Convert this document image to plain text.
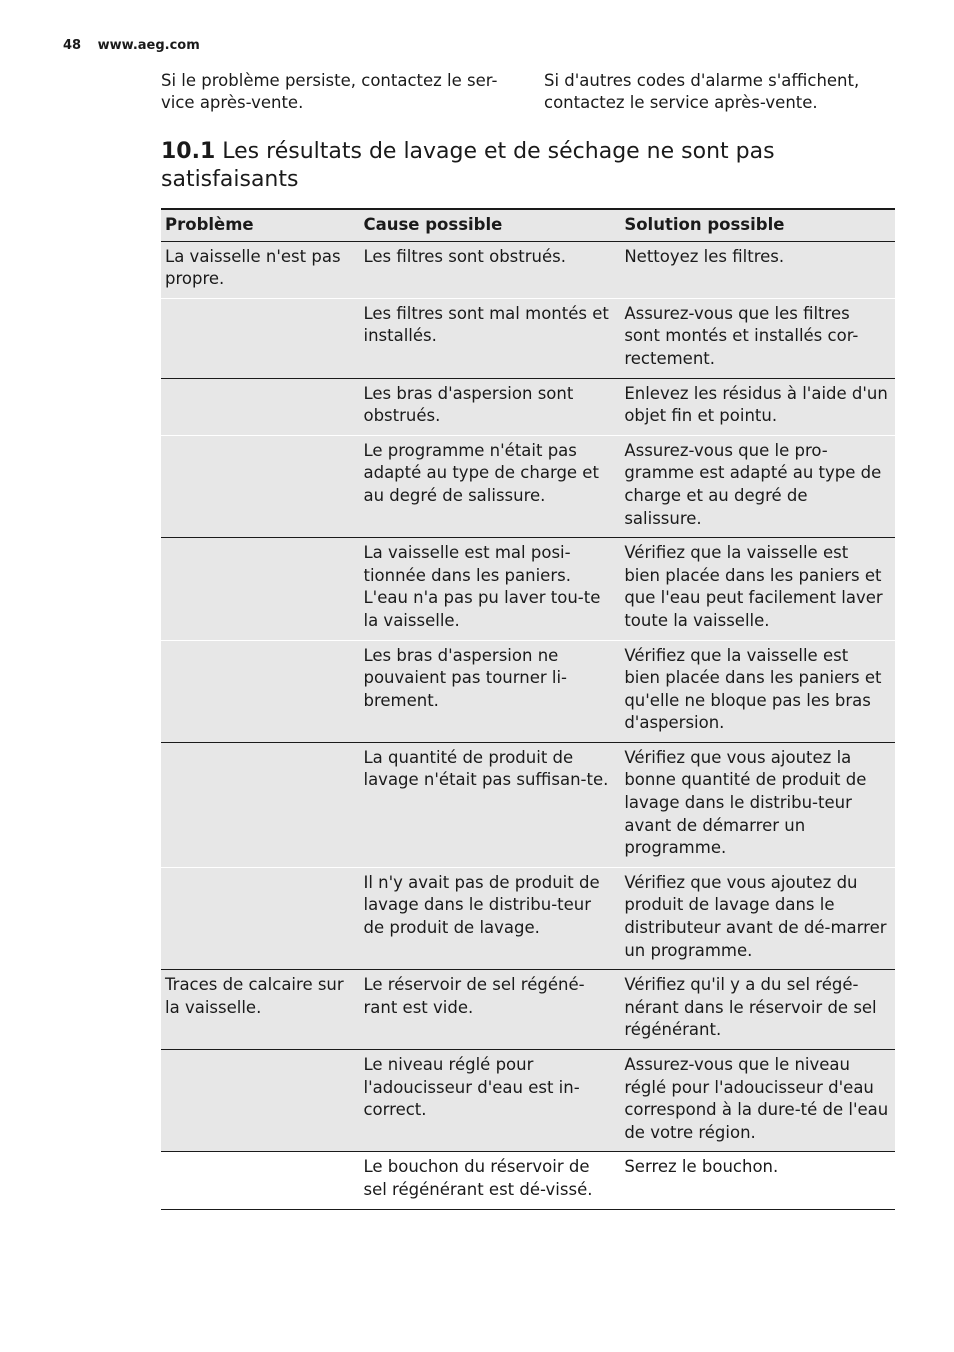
48 www.aeg.com
Si le problème persiste, contactez le ser-
vice après-vente.
Si d'autres codes d'alarme s'affichent,
contactez le service après-vente.
10.1 Les résultats de lavage et de séchage ne sont pas satisfaisants
Problème	Cause possible	Solution possible
La vaisselle n'est pas propre.	Les filtres sont obstrués.	Nettoyez les filtres.
	Les filtres sont mal montés et installés.	Assurez-vous que les filtres sont montés et installés cor-rectement.
	Les bras d'aspersion sont obstrués.	Enlevez les résidus à l'aide d'un objet fin et pointu.
	Le programme n'était pas adapté au type de charge et au degré de salissure.	Assurez-vous que le pro-gramme est adapté au type de charge et au degré de salissure.
	La vaisselle est mal posi-tionnée dans les paniers. L'eau n'a pas pu laver tou-te la vaisselle.	Vérifiez que la vaisselle est bien placée dans les paniers et que l'eau peut facilement laver toute la vaisselle.
	Les bras d'aspersion ne pouvaient pas tourner li-brement.	Vérifiez que la vaisselle est bien placée dans les paniers et qu'elle ne bloque pas les bras d'aspersion.
	La quantité de produit de lavage n'était pas suffisan-te.	Vérifiez que vous ajoutez la bonne quantité de produit de lavage dans le distribu-teur avant de démarrer un programme.
	Il n'y avait pas de produit de lavage dans le distribu-teur de produit de lavage.	Vérifiez que vous ajoutez du produit de lavage dans le distributeur avant de dé-marrer un programme.
Traces de calcaire sur la vaisselle.	Le réservoir de sel régéné-rant est vide.	Vérifiez qu'il y a du sel régé-nérant dans le réservoir de sel régénérant.
	Le niveau réglé pour l'adoucisseur d'eau est in-correct.	Assurez-vous que le niveau réglé pour l'adoucisseur d'eau correspond à la dure-té de l'eau de votre région.
	Le bouchon du réservoir de sel régénérant est dé-vissé.	Serrez le bouchon.
